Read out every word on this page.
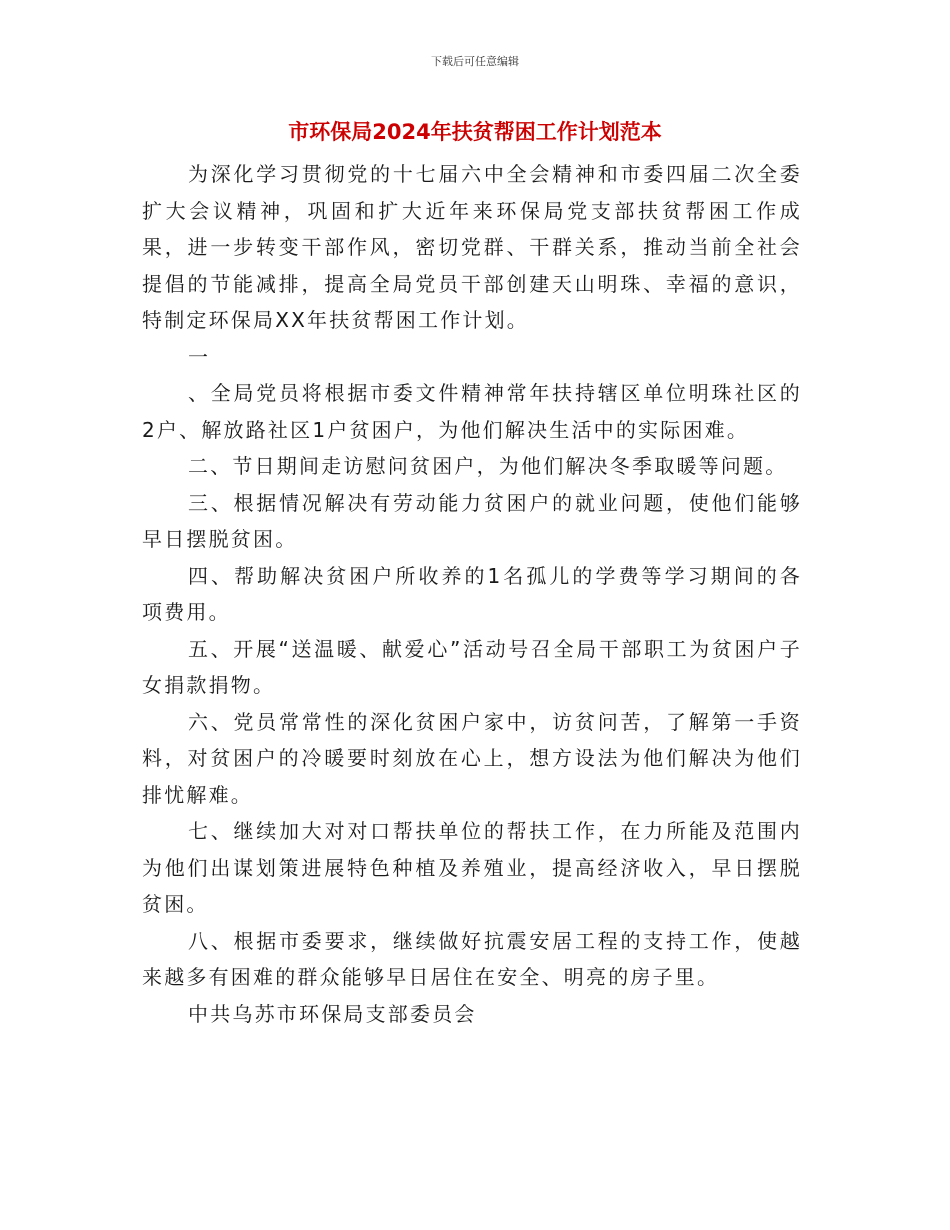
下载后可任意编辑
市环保局2024年扶贫帮困工作计划范本

为深化学习贯彻党的十七届六中全会精神和市委四届二次全委扩大会议精神，巩固和扩大近年来环保局党支部扶贫帮困工作成果，进一步转变干部作风，密切党群、干群关系，推动当前全社会提倡的节能减排，提高全局党员干部创建天山明珠、幸福的意识，特制定环保局XX年扶贫帮困工作计划。

一

、全局党员将根据市委文件精神常年扶持辖区单位明珠社区的2户、解放路社区1户贫困户，为他们解决生活中的实际困难。

二、节日期间走访慰问贫困户，为他们解决冬季取暖等问题。

三、根据情况解决有劳动能力贫困户的就业问题，使他们能够早日摆脱贫困。

四、帮助解决贫困户所收养的1名孤儿的学费等学习期间的各项费用。

五、开展“送温暖、献爱心”活动号召全局干部职工为贫困户子女捐款捐物。

六、党员常常性的深化贫困户家中，访贫问苦，了解第一手资料，对贫困户的冷暖要时刻放在心上，想方设法为他们解决为他们排忧解难。

七、继续加大对对口帮扶单位的帮扶工作，在力所能及范围内为他们出谋划策进展特色种植及养殖业，提高经济收入，早日摆脱贫困。

八、根据市委要求，继续做好抗震安居工程的支持工作，使越来越多有困难的群众能够早日居住在安全、明亮的房子里。

中共乌苏市环保局支部委员会
